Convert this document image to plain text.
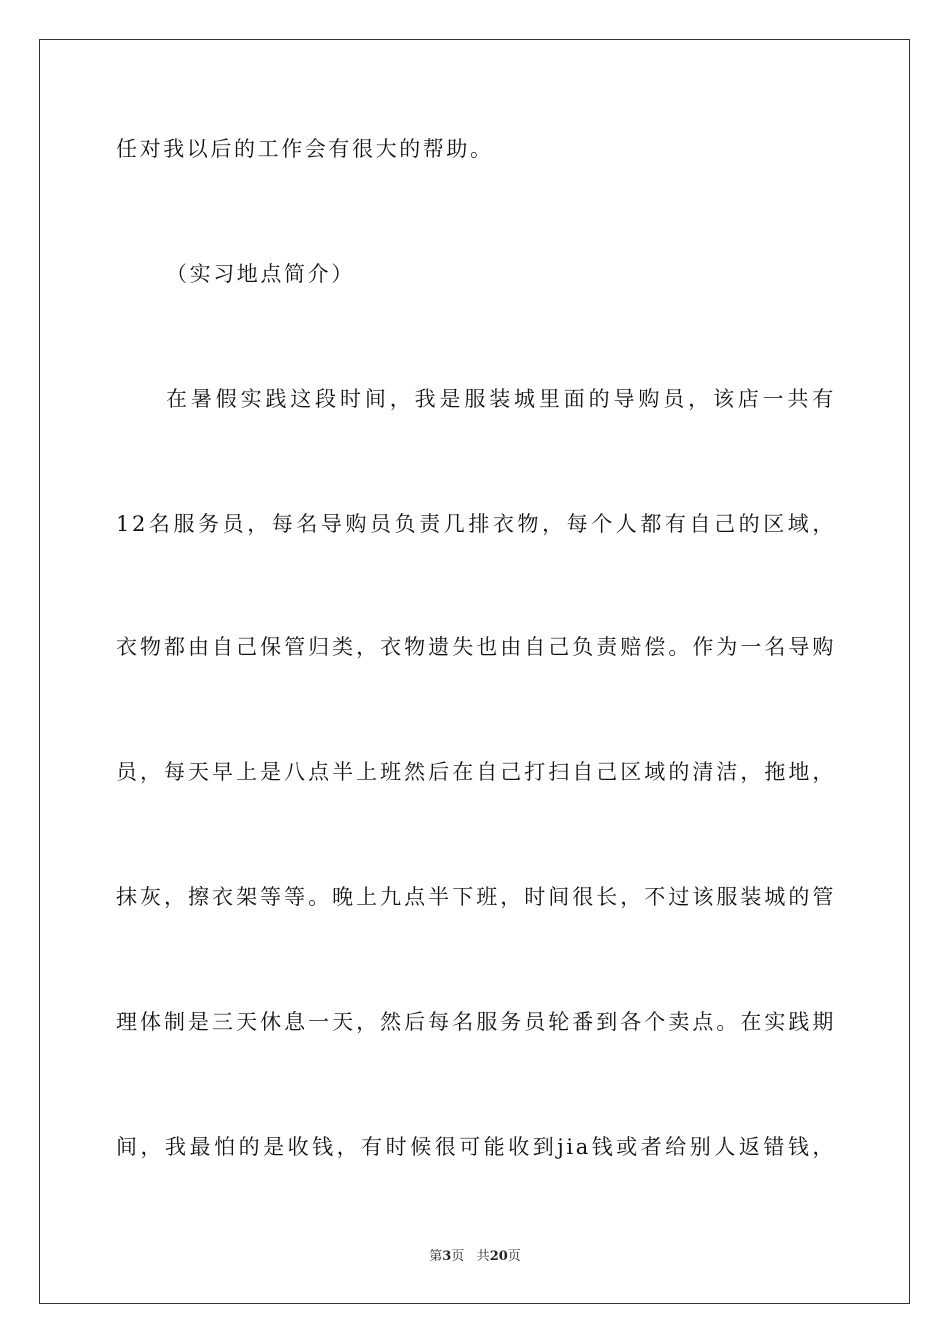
任对我以后的工作会有很大的帮助。
（实习地点简介）
在暑假实践这段时间，我是服装城里面的导购员，该店一共有
12名服务员，每名导购员负责几排衣物，每个人都有自己的区域，
衣物都由自己保管归类，衣物遗失也由自己负责赔偿。作为一名导购
员，每天早上是八点半上班然后在自己打扫自己区域的清洁，拖地，
抹灰，擦衣架等等。晚上九点半下班，时间很长，不过该服装城的管
理体制是三天休息一天，然后每名服务员轮番到各个卖点。在实践期
间，我最怕的是收钱，有时候很可能收到jia钱或者给别人返错钱，
第3页 共20页
